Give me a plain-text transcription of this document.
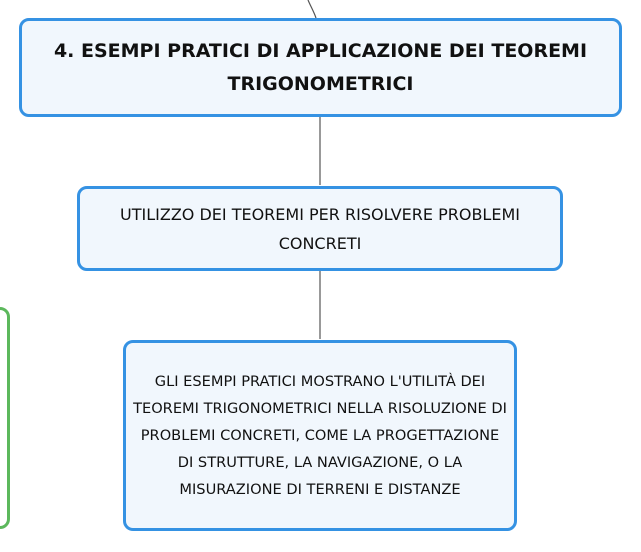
4. ESEMPI PRATICI DI APPLICAZIONE DEI TEOREMI TRIGONOMETRICI
UTILIZZO DEI TEOREMI PER RISOLVERE PROBLEMI CONCRETI
GLI ESEMPI PRATICI MOSTRANO L'UTILITÀ DEI TEOREMI TRIGONOMETRICI NELLA RISOLUZIONE DI PROBLEMI CONCRETI, COME LA PROGETTAZIONE DI STRUTTURE, LA NAVIGAZIONE, O LA MISURAZIONE DI TERRENI E DISTANZE
